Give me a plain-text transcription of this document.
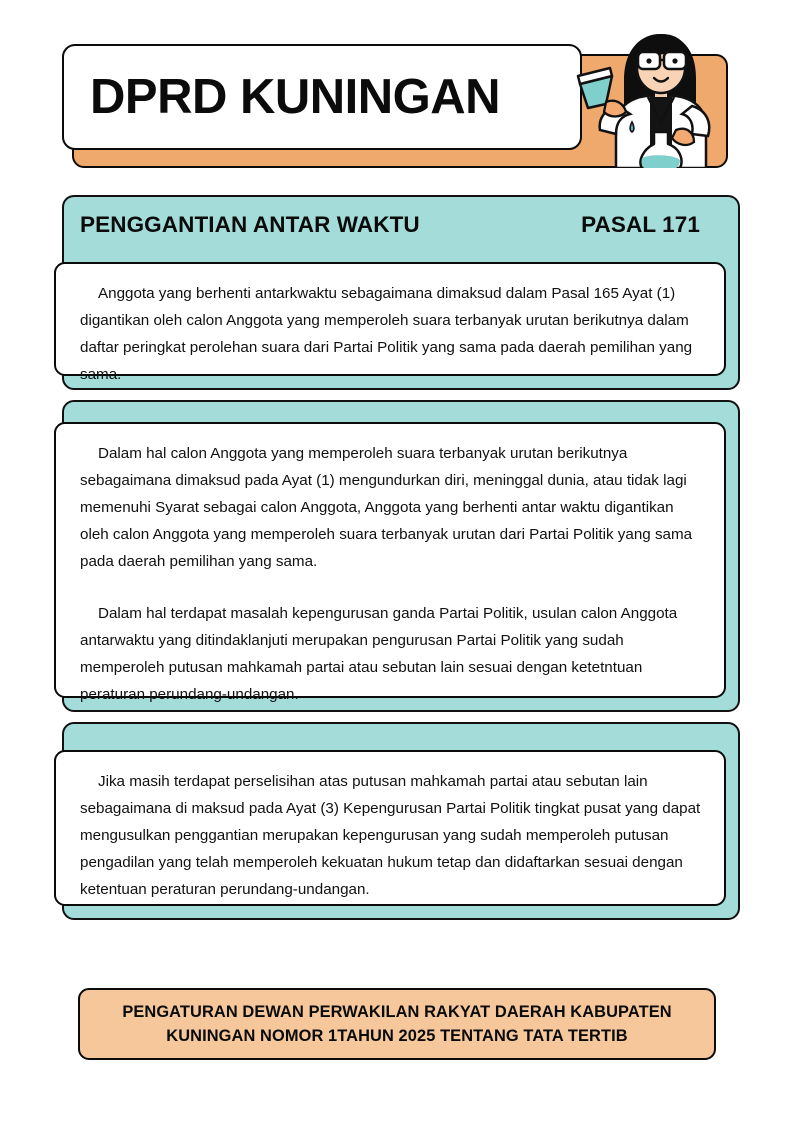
DPRD KUNINGAN
PENGGANTIAN ANTAR WAKTU	PASAL 171

Anggota yang berhenti antarkwaktu sebagaimana dimaksud dalam Pasal 165 Ayat (1) digantikan oleh calon Anggota yang memperoleh suara terbanyak urutan berikutnya dalam daftar peringkat perolehan suara dari Partai Politik yang sama pada daerah pemilihan yang sama.

Dalam hal calon Anggota yang memperoleh suara terbanyak urutan berikutnya sebagaimana dimaksud pada Ayat (1) mengundurkan diri, meninggal dunia, atau tidak lagi memenuhi Syarat sebagai calon Anggota, Anggota yang berhenti antar waktu digantikan oleh calon Anggota yang memperoleh suara terbanyak urutan dari Partai Politik yang sama pada daerah pemilihan yang sama.

Dalam hal terdapat masalah kepengurusan ganda Partai Politik, usulan calon Anggota antarwaktu yang ditindaklanjuti merupakan pengurusan Partai Politik yang sudah memperoleh putusan mahkamah partai atau sebutan lain sesuai dengan ketetntuan peraturan perundang-undangan.

Jika masih terdapat perselisihan atas putusan mahkamah partai atau sebutan lain sebagaimana di maksud pada Ayat (3) Kepengurusan Partai Politik tingkat pusat yang dapat mengusulkan penggantian merupakan kepengurusan yang sudah memperoleh putusan pengadilan yang telah memperoleh kekuatan hukum tetap dan didaftarkan sesuai dengan ketentuan peraturan perundang-undangan.

PENGATURAN DEWAN PERWAKILAN RAKYAT DAERAH KABUPATEN
KUNINGAN NOMOR 1TAHUN 2025 TENTANG TATA TERTIB
